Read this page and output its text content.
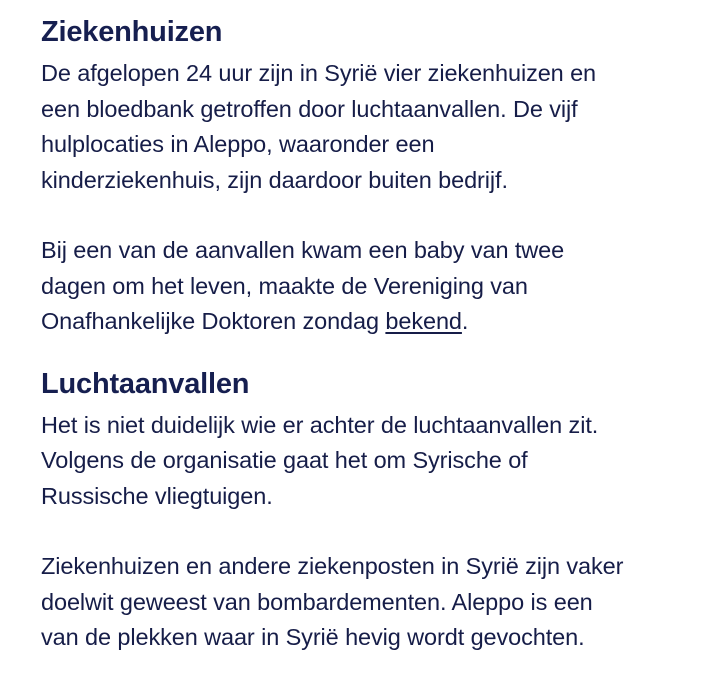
Ziekenhuizen

De afgelopen 24 uur zijn in Syrië vier ziekenhuizen en
een bloedbank getroffen door luchtaanvallen. De vijf
hulplocaties in Aleppo, waaronder een
kinderziekenhuis, zijn daardoor buiten bedrijf.

Bij een van de aanvallen kwam een baby van twee
dagen om het leven, maakte de Vereniging van
Onafhankelijke Doktoren zondag bekend.

Luchtaanvallen

Het is niet duidelijk wie er achter de luchtaanvallen zit.
Volgens de organisatie gaat het om Syrische of
Russische vliegtuigen.

Ziekenhuizen en andere ziekenposten in Syrië zijn vaker
doelwit geweest van bombardementen. Aleppo is een
van de plekken waar in Syrië hevig wordt gevochten.
